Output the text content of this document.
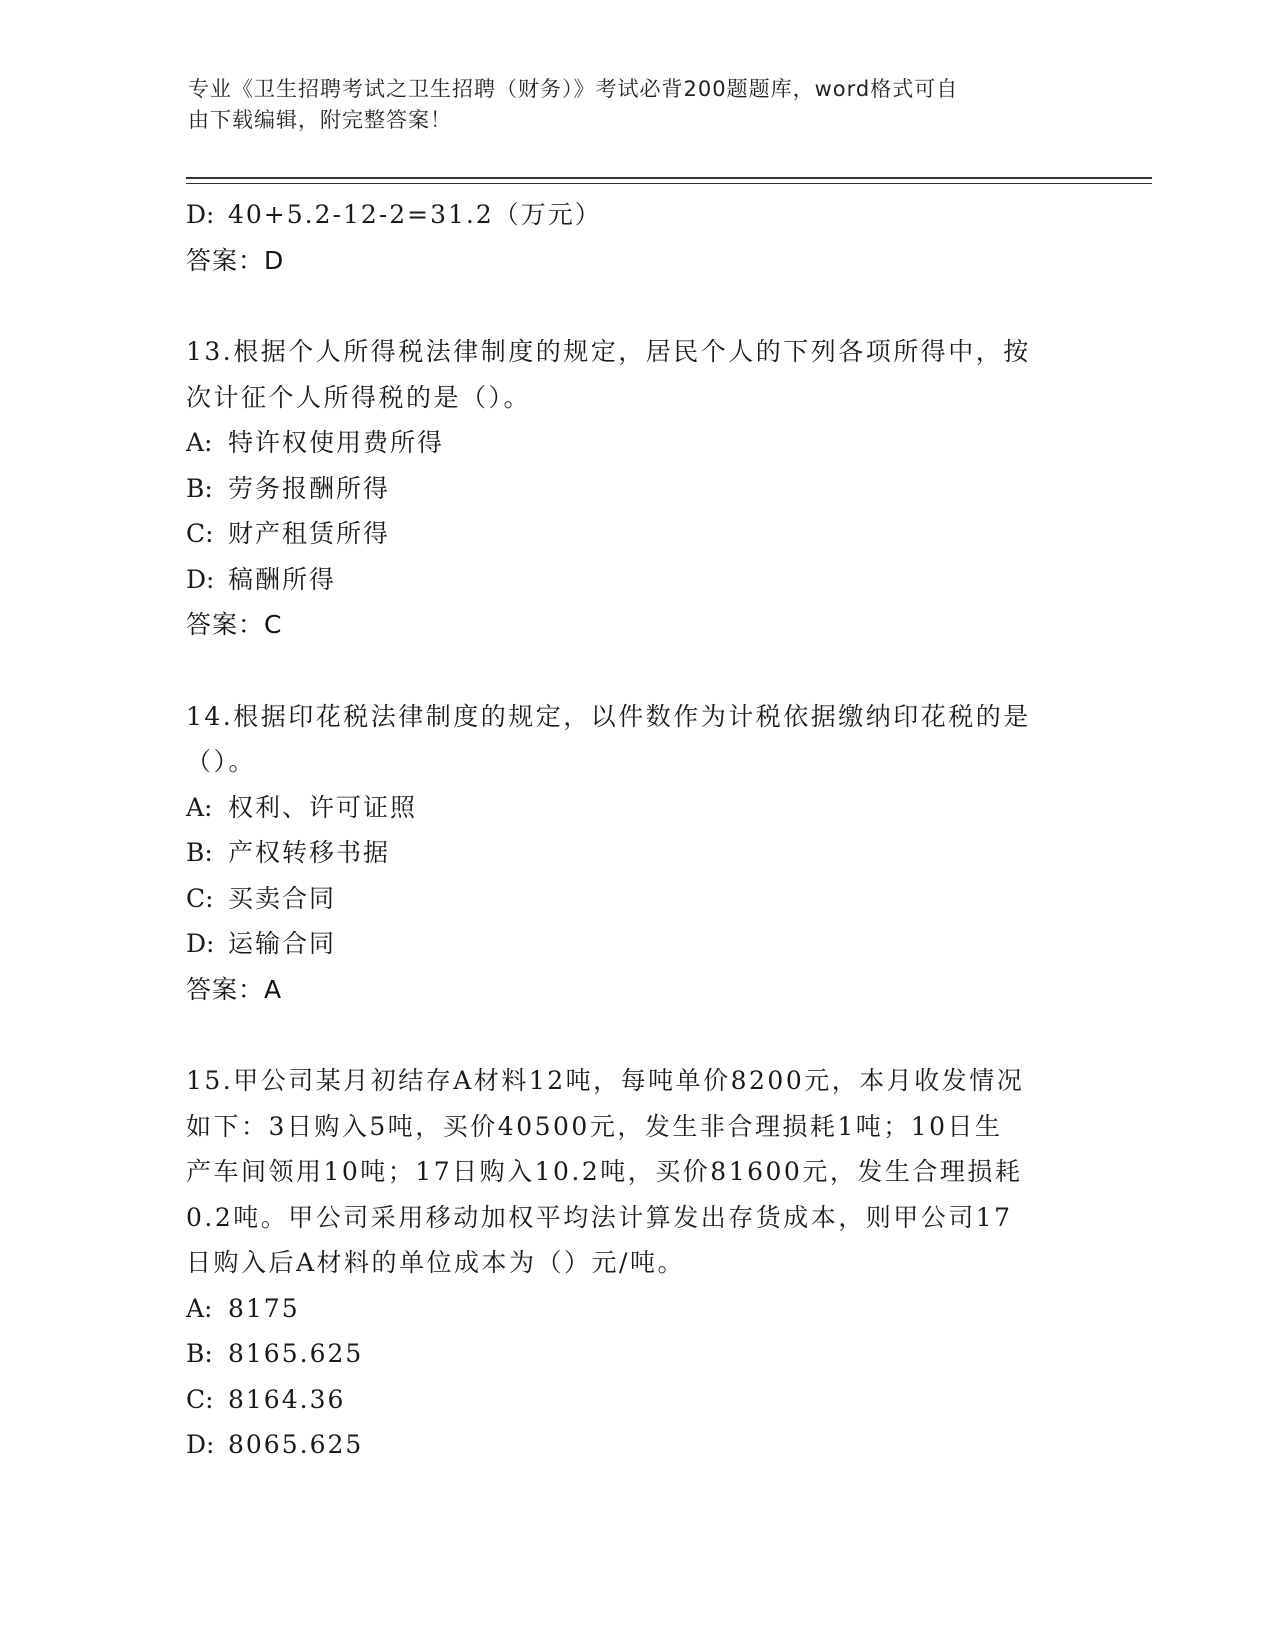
专业《卫生招聘考试之卫生招聘（财务）》考试必背200题题库，word格式可自
由下载编辑，附完整答案！
D: 40+5.2-12-2=31.2（万元）
答案：D
13.根据个人所得税法律制度的规定，居民个人的下列各项所得中，按
次计征个人所得税的是（）。
A: 特许权使用费所得
B: 劳务报酬所得
C: 财产租赁所得
D: 稿酬所得
答案：C
14.根据印花税法律制度的规定，以件数作为计税依据缴纳印花税的是
（）。
A: 权利、许可证照
B: 产权转移书据
C: 买卖合同
D: 运输合同
答案：A
15.甲公司某月初结存A材料12吨，每吨单价8200元，本月收发情况
如下：3日购入5吨，买价40500元，发生非合理损耗1吨；10日生
产车间领用10吨；17日购入10.2吨，买价81600元，发生合理损耗
0.2吨。甲公司采用移动加权平均法计算发出存货成本，则甲公司17
日购入后A材料的单位成本为（）元/吨。
A: 8175
B: 8165.625
C: 8164.36
D: 8065.625
